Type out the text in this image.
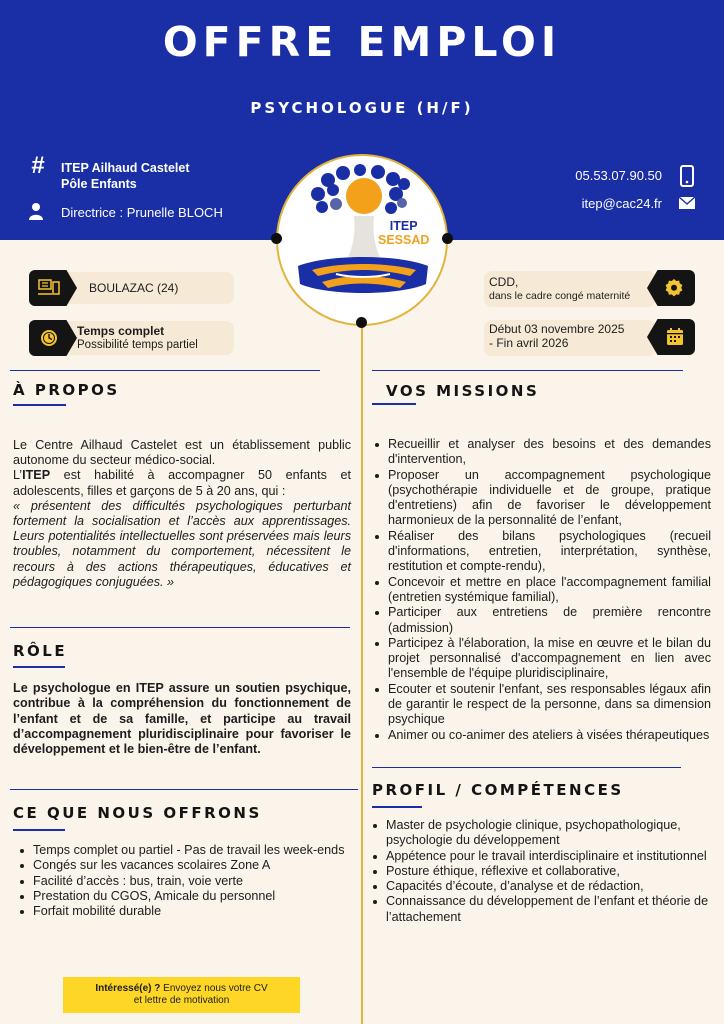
OFFRE EMPLOI
PSYCHOLOGUE (H/F)
# ITEP Ailhaud Castelet
Pôle Enfants
Directrice : Prunelle BLOCH
05.53.07.90.50
itep@cac24.fr
ITEP
SESSAD
BOULAZAC (24)
Temps complet
Possibilité temps partiel
CDD,
dans le cadre congé maternité
Début 03 novembre 2025
- Fin avril 2026
À PROPOS
Le Centre Ailhaud Castelet est un établissement public autonome du secteur médico-social.
L’ITEP est habilité à accompagner 50 enfants et adolescents, filles et garçons de 5 à 20 ans, qui :
« présentent des difficultés psychologiques perturbant fortement la socialisation et l’accès aux apprentissages. Leurs potentialités intellectuelles sont préservées mais leurs troubles, notamment du comportement, nécessitent le recours à des actions thérapeutiques, éducatives et pédagogiques conjuguées. »
RÔLE
Le psychologue en ITEP assure un soutien psychique, contribue à la compréhension du fonctionnement de l’enfant et de sa famille, et participe au travail d’accompagnement pluridisciplinaire pour favoriser le développement et le bien-être de l’enfant.
CE QUE NOUS OFFRONS
Temps complet ou partiel - Pas de travail les week-ends
Congés sur les vacances scolaires Zone A
Facilité d’accès : bus, train, voie verte
Prestation du CGOS, Amicale du personnel
Forfait mobilité durable
Intéressé(e) ? Envoyez nous votre CV
et lettre de motivation
VOS MISSIONS
Recueillir et analyser des besoins et des demandes d'intervention,
Proposer un accompagnement psychologique (psychothérapie individuelle et de groupe, pratique d'entretiens) afin de favoriser le développement harmonieux de la personnalité de l’enfant,
Réaliser des bilans psychologiques (recueil d'informations, entretien, interprétation, synthèse, restitution et compte-rendu),
Concevoir et mettre en place l'accompagnement familial (entretien systémique familial),
Participer aux entretiens de première rencontre (admission)
Participez à l'élaboration, la mise en œuvre et le bilan du projet personnalisé d'accompagnement en lien avec l'ensemble de l'équipe pluridisciplinaire,
Ecouter et soutenir l'enfant, ses responsables légaux afin de garantir le respect de la personne, dans sa dimension psychique
Animer ou co-animer des ateliers à visées thérapeutiques
PROFIL / COMPÉTENCES
Master de psychologie clinique, psychopathologique, psychologie du développement
Appétence pour le travail interdisciplinaire et institutionnel
Posture éthique, réflexive et collaborative,
Capacités d’écoute, d’analyse et de rédaction,
Connaissance du développement de l’enfant et théorie de l’attachement
